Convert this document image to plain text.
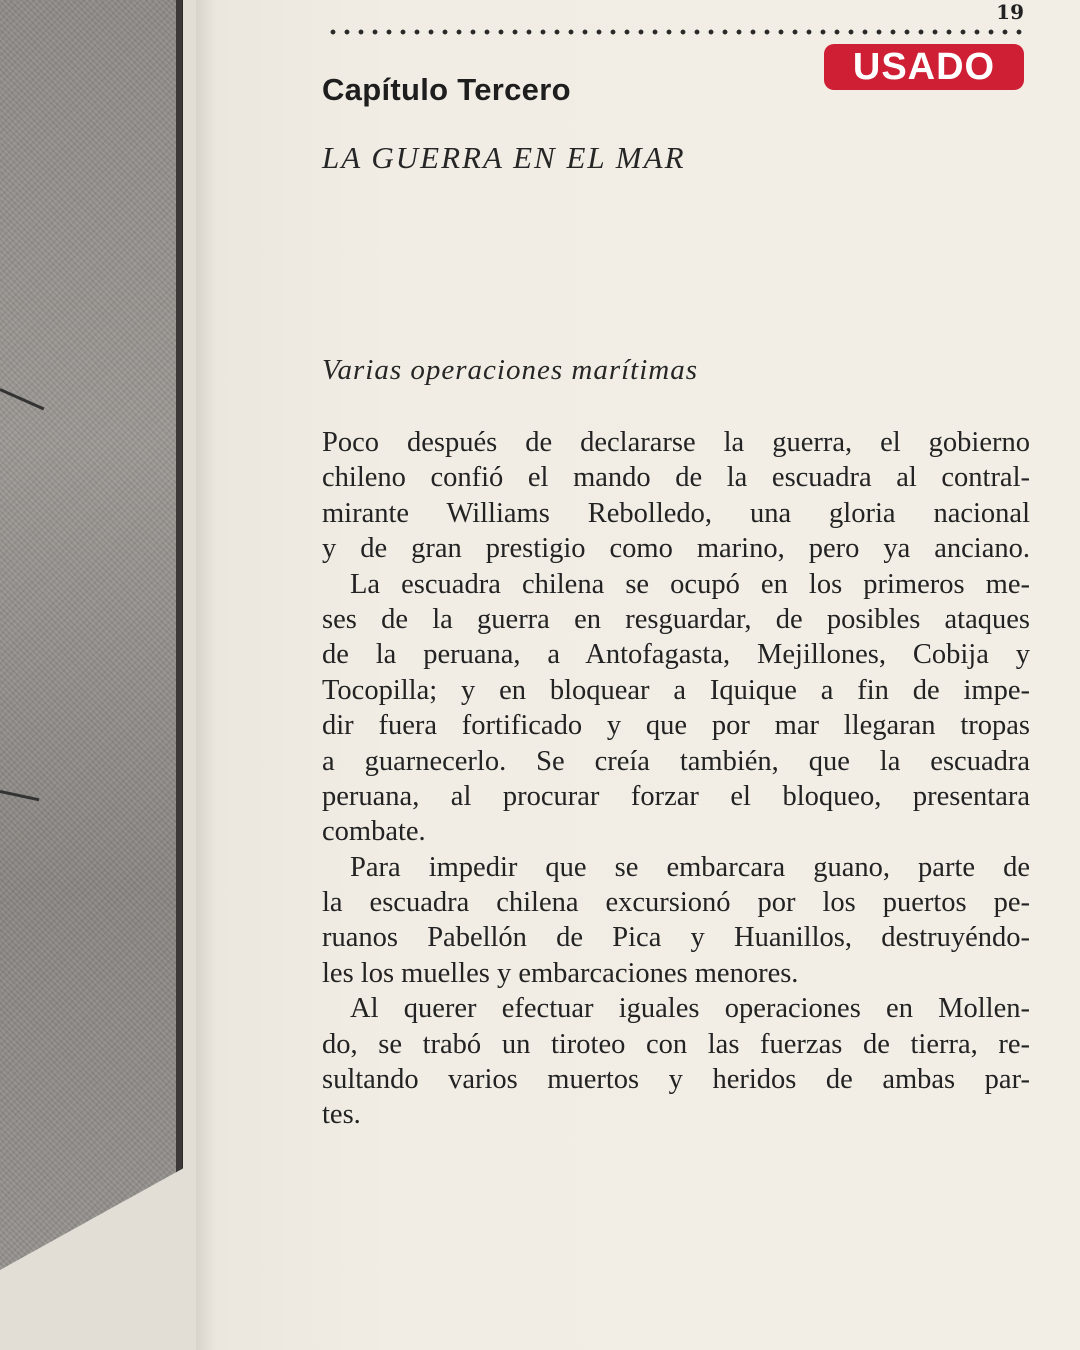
19
USADO
Capítulo Tercero
LA GUERRA EN EL MAR
Varias operaciones marítimas
Poco después de declararse la guerra, el gobierno
chileno confió el mando de la escuadra al contral-
mirante Williams Rebolledo, una gloria nacional
y de gran prestigio como marino, pero ya anciano.
La escuadra chilena se ocupó en los primeros me-
ses de la guerra en resguardar, de posibles ataques
de la peruana, a Antofagasta, Mejillones, Cobija y
Tocopilla; y en bloquear a Iquique a fin de impe-
dir fuera fortificado y que por mar llegaran tropas
a guarnecerlo. Se creía también, que la escuadra
peruana, al procurar forzar el bloqueo, presentara
combate.
Para impedir que se embarcara guano, parte de
la escuadra chilena excursionó por los puertos pe-
ruanos Pabellón de Pica y Huanillos, destruyéndo-
les los muelles y embarcaciones menores.
Al querer efectuar iguales operaciones en Mollen-
do, se trabó un tiroteo con las fuerzas de tierra, re-
sultando varios muertos y heridos de ambas par-
tes.
